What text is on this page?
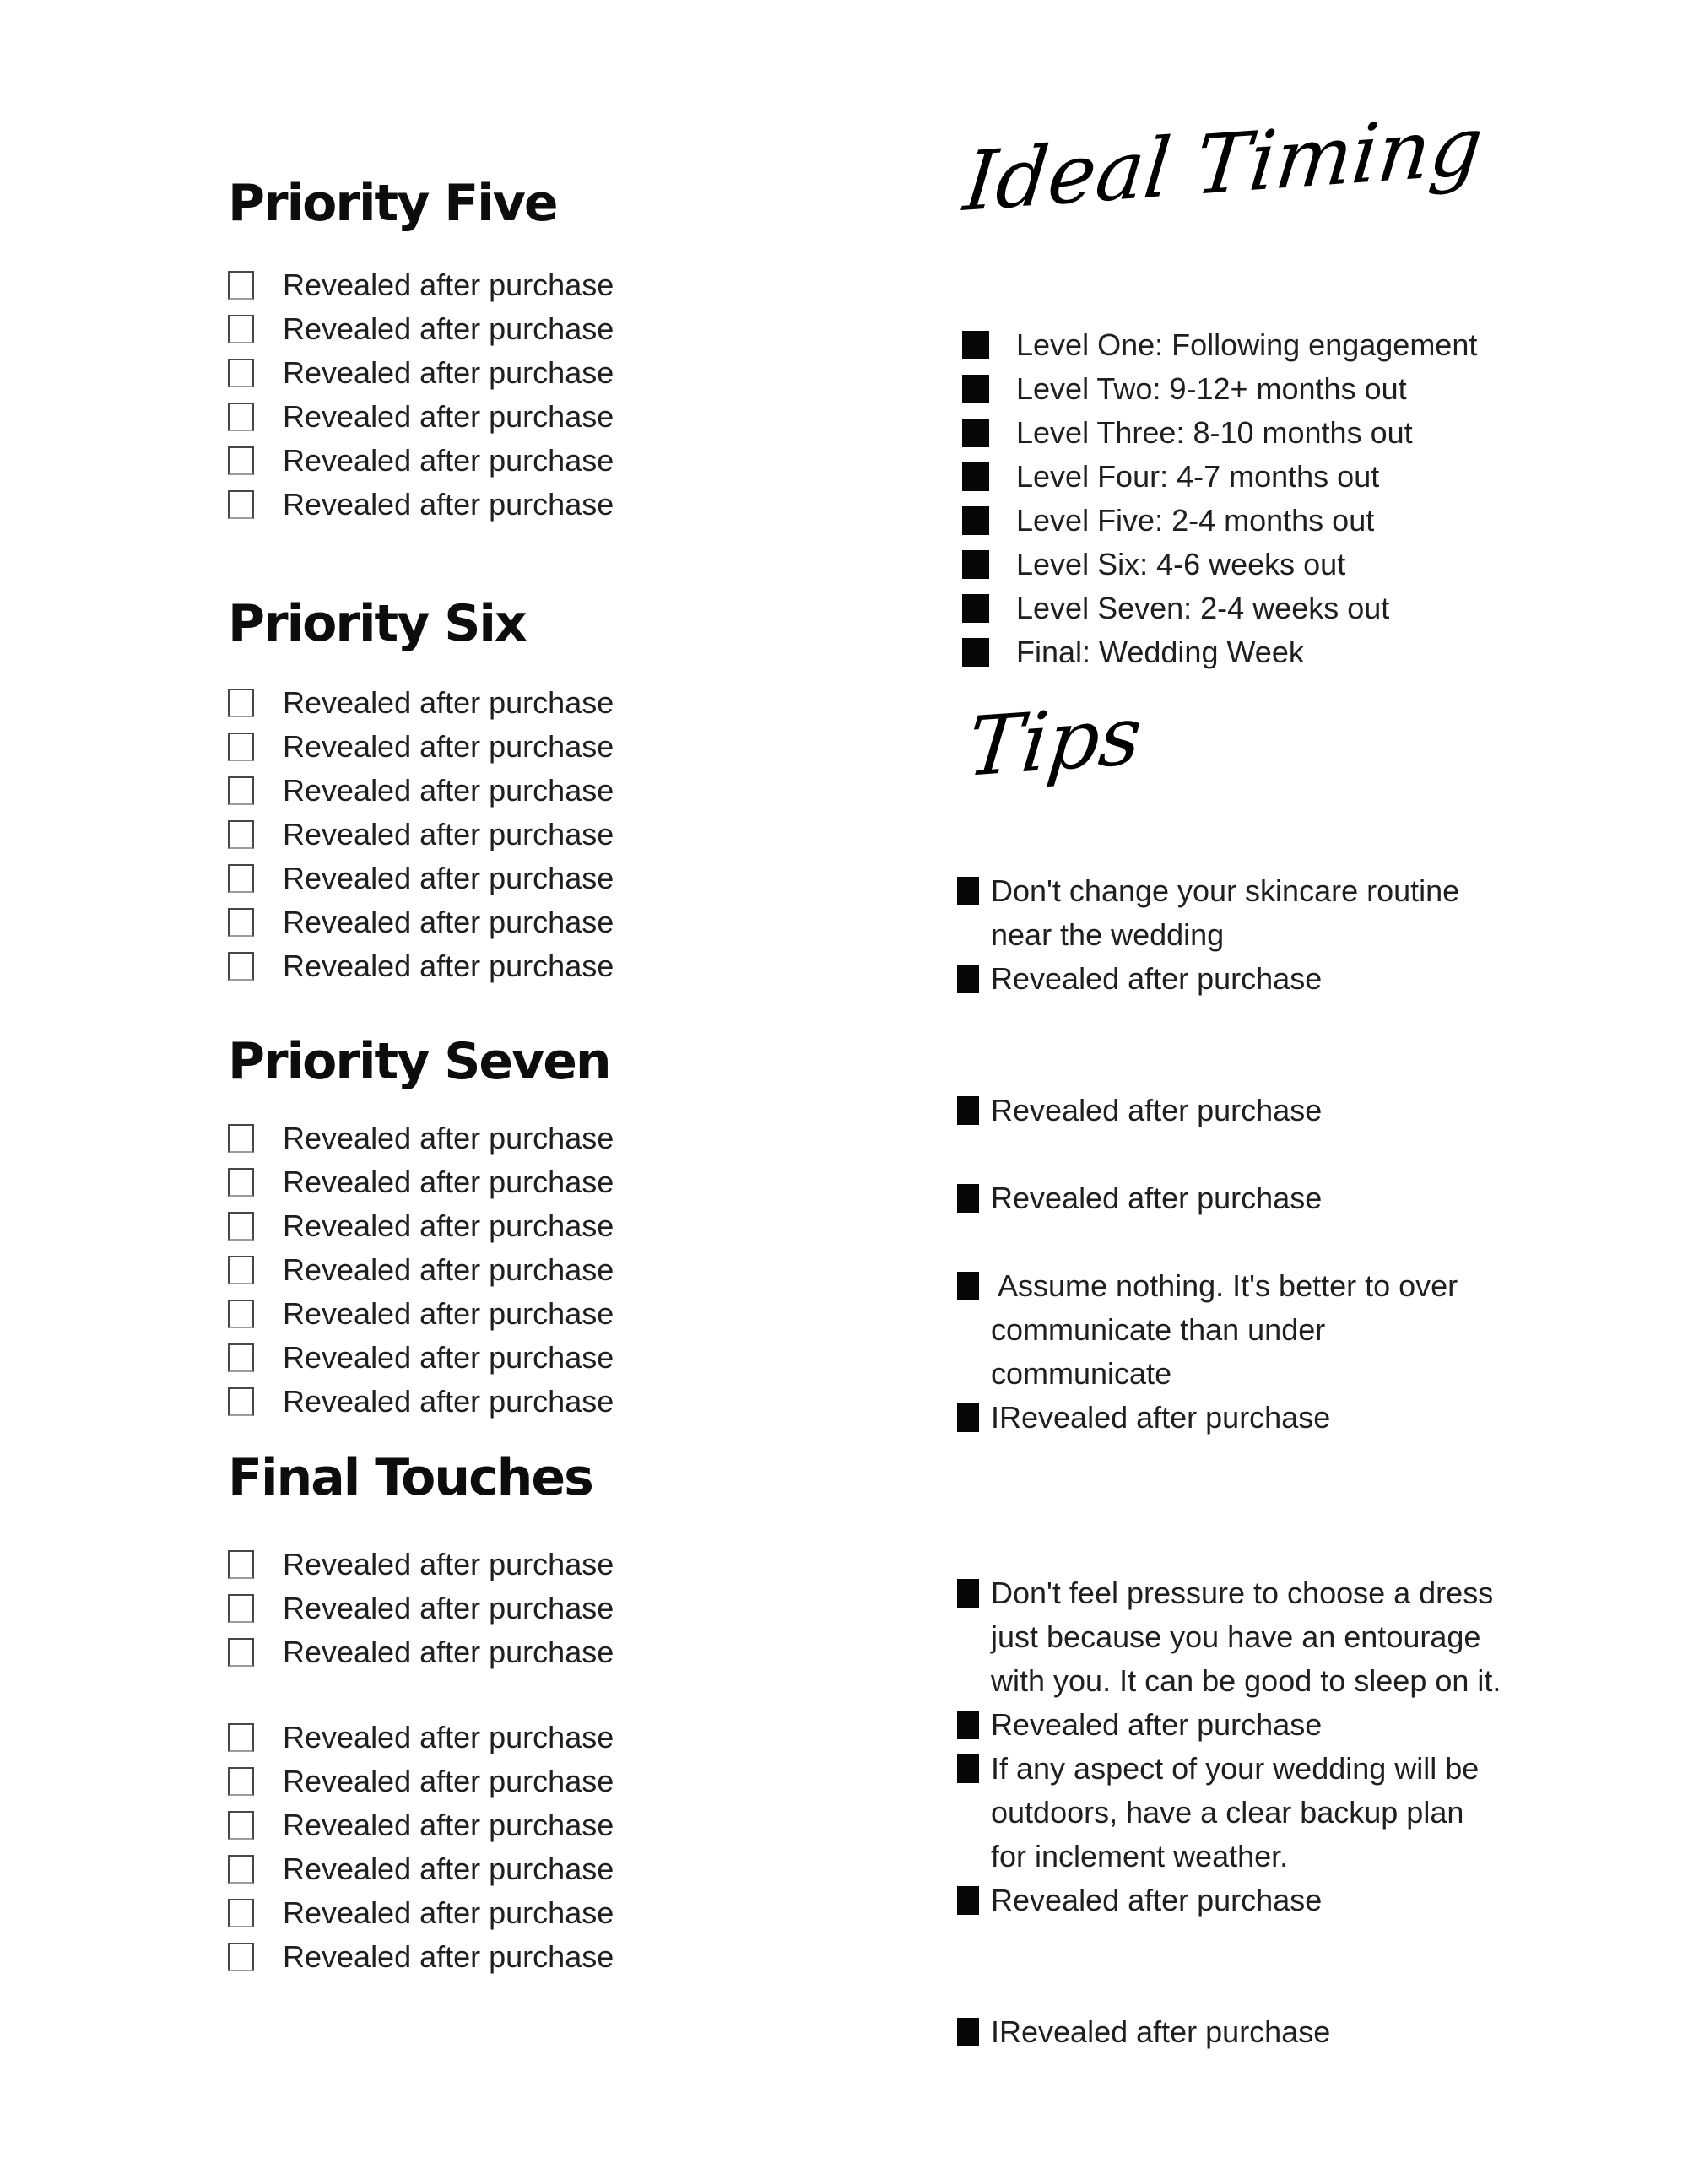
Priority Five
Revealed after purchase
Revealed after purchase
Revealed after purchase
Revealed after purchase
Revealed after purchase
Revealed after purchase
Priority Six
Revealed after purchase
Revealed after purchase
Revealed after purchase
Revealed after purchase
Revealed after purchase
Revealed after purchase
Revealed after purchase
Priority Seven
Revealed after purchase
Revealed after purchase
Revealed after purchase
Revealed after purchase
Revealed after purchase
Revealed after purchase
Revealed after purchase
Final Touches
Revealed after purchase
Revealed after purchase
Revealed after purchase
Revealed after purchase
Revealed after purchase
Revealed after purchase
Revealed after purchase
Revealed after purchase
Revealed after purchase
Ideal Timing
Level One: Following engagement
Level Two: 9-12+ months out
Level Three: 8-10 months out
Level Four: 4-7 months out
Level Five: 2-4 months out
Level Six: 4-6 weeks out
Level Seven: 2-4 weeks out
Final: Wedding Week
Tips
Don't change your skincare routine
near the wedding
Revealed after purchase
Revealed after purchase
Revealed after purchase
Assume nothing. It's better to over
communicate than under
communicate
IRevealed after purchase
Don't feel pressure to choose a dress
just because you have an entourage
with you. It can be good to sleep on it.
Revealed after purchase
If any aspect of your wedding will be
outdoors, have a clear backup plan
for inclement weather.
Revealed after purchase
IRevealed after purchase
